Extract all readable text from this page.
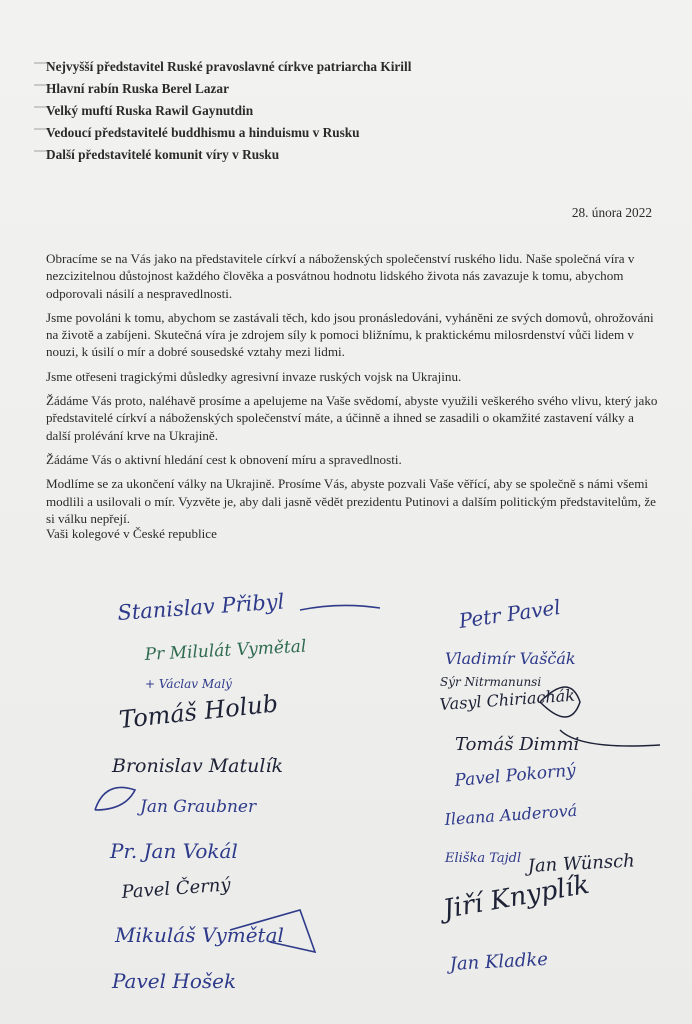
Nejvyšší představitel Ruské pravoslavné církve patriarcha Kirill
Hlavní rabín Ruska Berel Lazar
Velký muftí Ruska Rawil Gaynutdin
Vedoucí představitelé buddhismu a hinduismu v Rusku
Další představitelé komunit víry v Rusku
28. února 2022

Obracíme se na Vás jako na představitele církví a náboženských společenství ruského lidu. Naše společná víra v nezcizitelnou důstojnost každého člověka a posvátnou hodnotu lidského života nás zavazuje k tomu, abychom odporovali násilí a nespravedlnosti.

Jsme povoláni k tomu, abychom se zastávali těch, kdo jsou pronásledováni, vyháněni ze svých domovů, ohrožováni na životě a zabíjeni. Skutečná víra je zdrojem síly k pomoci bližnímu, k praktickému milosrdenství vůči lidem v nouzi, k úsilí o mír a dobré sousedské vztahy mezi lidmi.

Jsme otřeseni tragickými důsledky agresivní invaze ruských vojsk na Ukrajinu.

Žádáme Vás proto, naléhavě prosíme a apelujeme na Vaše svědomí, abyste využili veškerého svého vlivu, který jako představitelé církví a náboženských společenství máte, a účinně a ihned se zasadili o okamžité zastavení války a další prolévání krve na Ukrajině.

Žádáme Vás o aktivní hledání cest k obnovení míru a spravedlnosti.

Modlíme se za ukončení války na Ukrajině. Prosíme Vás, abyste pozvali Vaše věřící, aby se společně s námi všemi modlili a usilovali o mír. Vyzvěte je, aby dali jasně vědět prezidentu Putinovi a dalším politickým představitelům, že si válku nepřejí.

Vaši kolegové v České republice
Stanislav Přibyl
Pr Milulát Vymětal
+ Václav Malý
Tomáš Holub
Bronislav Matulík
Jan Graubner
Pr. Jan Vokál
Pavel Černý
Mikuláš Vymětal
Pavel Hošek
Petr Pavel
Vladimír Vaščák
Sýr Nitrmanunsi
Vasyl Chiriachák
Tomáš Dimmi
Pavel Pokorný
Ileana Auderová
Eliška Tajdl Jan Wünsch
Jiří Knyplík
Jan Kladke
